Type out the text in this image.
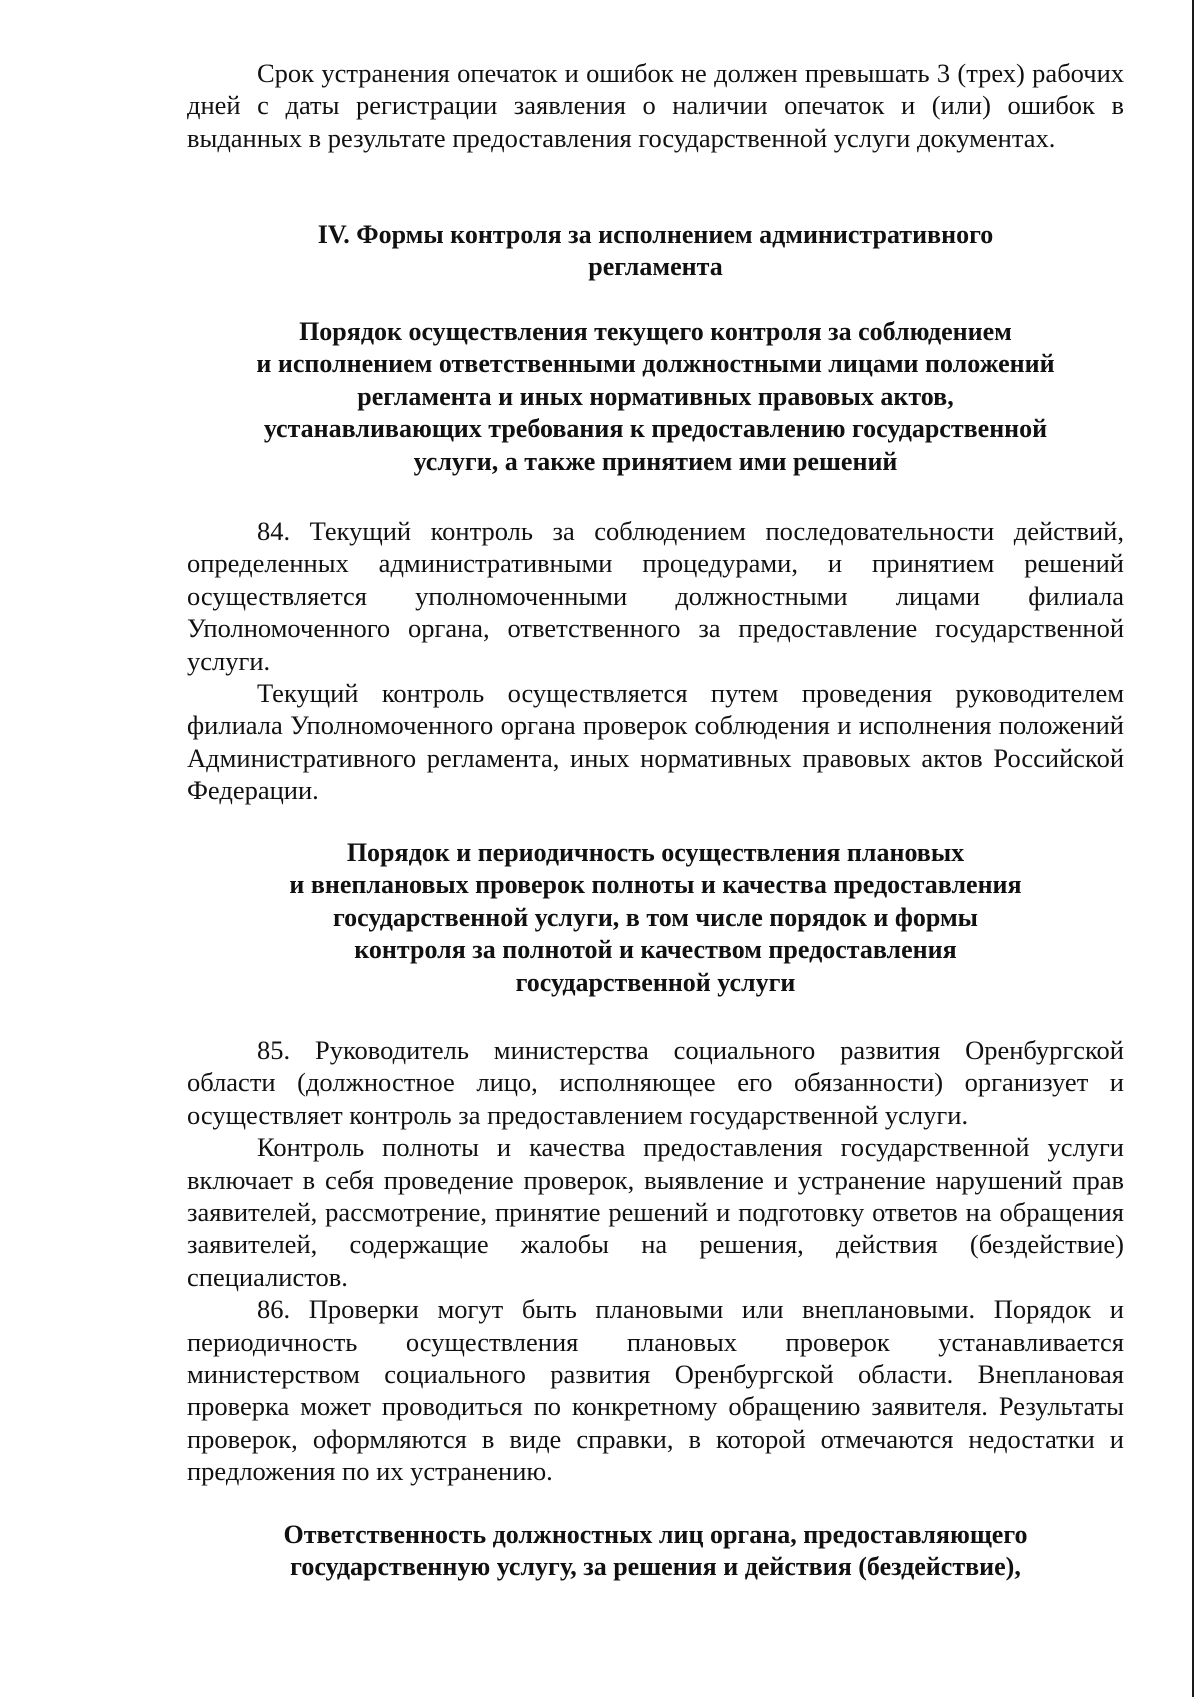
Срок устранения опечаток и ошибок не должен превышать 3 (трех) рабочих дней с даты регистрации заявления о наличии опечаток и (или) ошибок в выданных в результате предоставления государственной услуги документах.

IV. Формы контроля за исполнением административного
регламента
Порядок осуществления текущего контроля за соблюдением
и исполнением ответственными должностными лицами положений
регламента и иных нормативных правовых актов,
устанавливающих требования к предоставлению государственной
услуги, а также принятием ими решений

84. Текущий контроль за соблюдением последовательности действий, определенных административными процедурами, и принятием решений осуществляется уполномоченными должностными лицами филиала Уполномоченного органа, ответственного за предоставление государственной услуги.

Текущий контроль осуществляется путем проведения руководителем филиала Уполномоченного органа проверок соблюдения и исполнения положений Административного регламента, иных нормативных правовых актов Российской Федерации.

Порядок и периодичность осуществления плановых
и внеплановых проверок полноты и качества предоставления
государственной услуги, в том числе порядок и формы
контроля за полнотой и качеством предоставления
государственной услуги

85. Руководитель министерства социального развития Оренбургской области (должностное лицо, исполняющее его обязанности) организует и осуществляет контроль за предоставлением государственной услуги.

Контроль полноты и качества предоставления государственной услуги включает в себя проведение проверок, выявление и устранение нарушений прав заявителей, рассмотрение, принятие решений и подготовку ответов на обращения заявителей, содержащие жалобы на решения, действия (бездействие) специалистов.

86. Проверки могут быть плановыми или внеплановыми. Порядок и периодичность осуществления плановых проверок устанавливается министерством социального развития Оренбургской области. Внеплановая проверка может проводиться по конкретному обращению заявителя. Результаты проверок, оформляются в виде справки, в которой отмечаются недостатки и предложения по их устранению.

Ответственность должностных лиц органа, предоставляющего
государственную услугу, за решения и действия (бездействие),
